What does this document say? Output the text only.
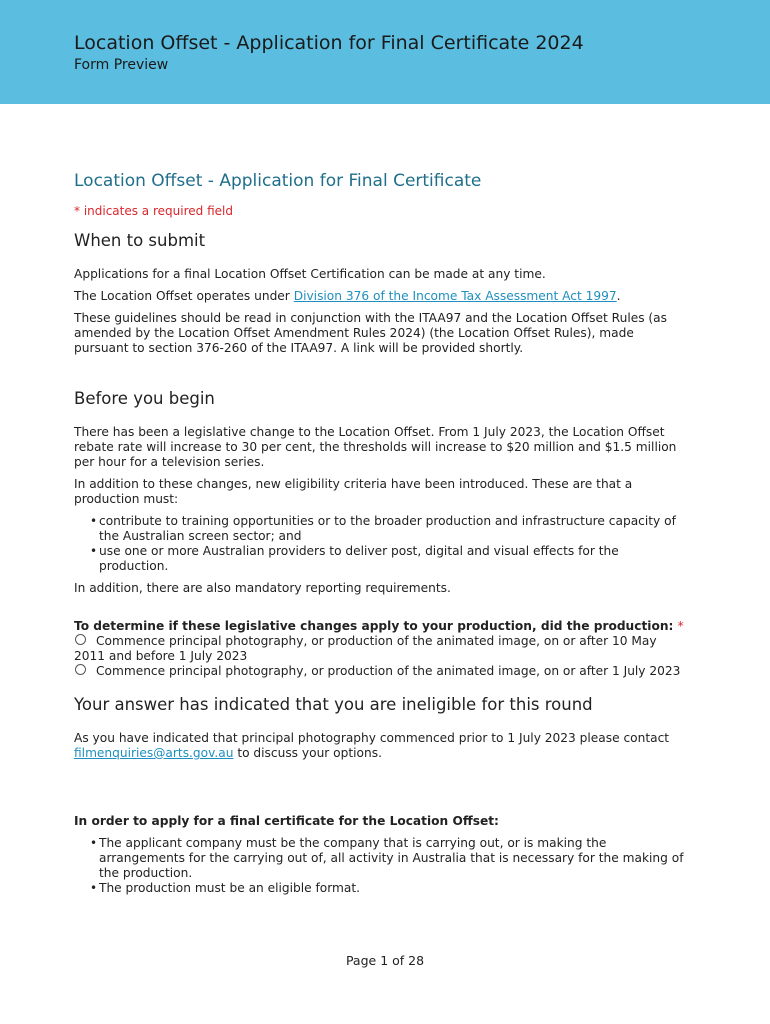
Location Offset - Application for Final Certificate 2024
Form Preview
Location Offset - Application for Final Certificate
* indicates a required field
When to submit

Applications for a final Location Offset Certification can be made at any time.

The Location Offset operates under Division 376 of the Income Tax Assessment Act 1997.

These guidelines should be read in conjunction with the ITAA97 and the Location Offset Rules (as amended by the Location Offset Amendment Rules 2024) (the Location Offset Rules), made pursuant to section 376-260 of the ITAA97. A link will be provided shortly.

Before you begin

There has been a legislative change to the Location Offset. From 1 July 2023, the Location Offset rebate rate will increase to 30 per cent, the thresholds will increase to $20 million and $1.5 million per hour for a television series.

In addition to these changes, new eligibility criteria have been introduced. These are that a production must:

• contribute to training opportunities or to the broader production and infrastructure capacity of the Australian screen sector; and
• use one or more Australian providers to deliver post, digital and visual effects for the production.

In addition, there are also mandatory reporting requirements.

To determine if these legislative changes apply to your production, did the production: *

Commence principal photography, or production of the animated image, on or after 10 May 2011 and before 1 July 2023
Commence principal photography, or production of the animated image, on or after 1 July 2023
Your answer has indicated that you are ineligible for this round

As you have indicated that principal photography commenced prior to 1 July 2023 please contact filmenquiries@arts.gov.au to discuss your options.

In order to apply for a final certificate for the Location Offset:

• The applicant company must be the company that is carrying out, or is making the arrangements for the carrying out of, all activity in Australia that is necessary for the making of the production.
• The production must be an eligible format.
Page 1 of 28
